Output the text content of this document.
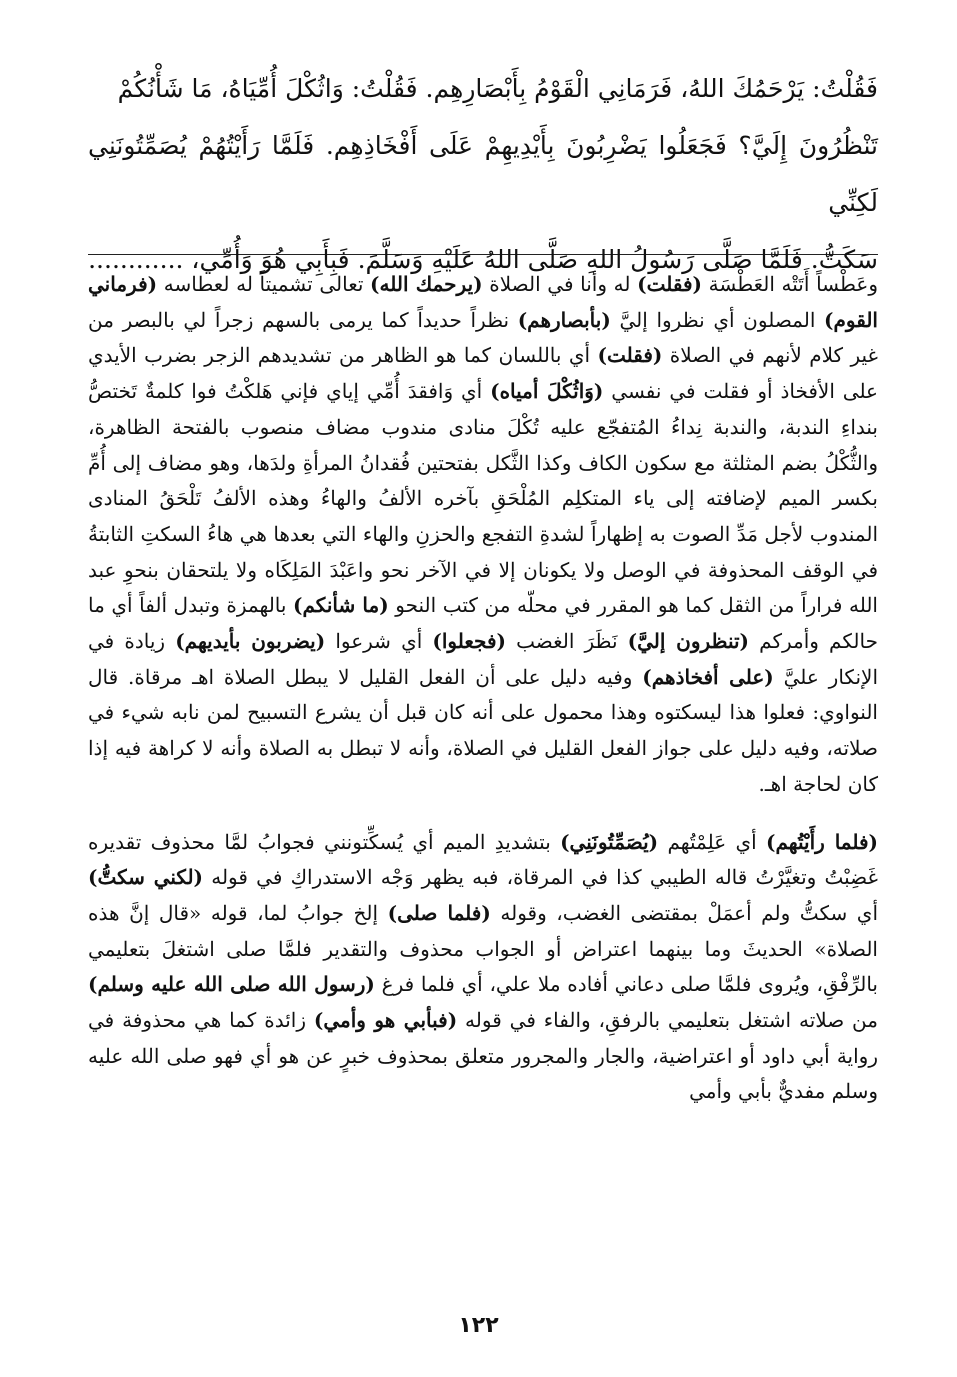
فَقُلْتُ: يَرْحَمُكَ اللهُ، فَرَمَانِي الْقَوْمُ بِأَبْصَارِهِم. فَقُلْتُ: وَاثُكْلَ أُمِّيَاهُ، مَا شَأْنُكُمْ
تَنْظُرُونَ إِلَيَّ؟ فَجَعَلُوا يَضْرِبُونَ بِأَيْدِيهِمْ عَلَى أَفْخَاذِهِم. فَلَمَّا رَأَيْتُهُمْ يُصَمِّتُونَنِي لَكِنِّي
سَكَتُّ. فَلَمَّا صَلَّى رَسُولُ اللهِ صَلَّى اللهُ عَلَيْهِ وَسَلَّمَ. فَبِأَبِي هُوَ وَأُمِّي، ............

وعَطْساً أَتَتْه العَطْسَة (فقلت) له وأنا في الصلاة (يرحمك الله) تعالى تشميتاً له لعطاسه (فرماني القوم) المصلون أي نظروا إليَّ (بأبصارهم) نظراً حديداً كما يرمى بالسهم زجراً لي بالبصر من غير كلام لأنهم في الصلاة (فقلت) أي باللسان كما هو الظاهر من تشديدهم الزجر بضرب الأيدي على الأفخاذ أو فقلت في نفسي (وَاثُكْلَ أمياه) أي وَافقدَ أُمِّي إياي فإني هَلكْتُ فوا كلمةٌ تَختصُّ بنداءِ الندبة، والندبة نِداءُ المُتفجّع عليه تُكْلَ منادى مندوب مضاف منصوب بالفتحة الظاهرة، والثُّكْلُ بضم المثلثة مع سكون الكاف وكذا الثَّكل بفتحتين فُقدانُ المرأةِ ولدَها، وهو مضاف إلى أُمِّ بكسر الميم لإضافته إلى ياء المتكلِم المُلْحَقِ بآخره الألفُ والهاءُ وهذه الألفُ تَلْحَقُ المنادى المندوب لأجل مَدِّ الصوت به إظهاراً لشدةِ التفجع والحزنِ والهاء التي بعدها هي هاءُ السكتِ الثابتةُ في الوقف المحذوفة في الوصل ولا يكونان إلا في الآخر نحو واعَبْدَ المَلِكَاه ولا يلتحقان بنحوِ عبد الله فراراً من الثقل كما هو المقرر في محلّه من كتب النحو (ما شأنكم) بالهمزة وتبدل ألفاً أي ما حالكم وأمركم (تنظرون إليَّ) نَظَرَ الغضب (فجعلوا) أي شرعوا (يضربون بأيديهم) زيادة في الإنكار عليَّ (على أفخاذهم) وفيه دليل على أن الفعل القليل لا يبطل الصلاة اهـ مرقاة. قال النواوي: فعلوا هذا ليسكتوه وهذا محمول على أنه كان قبل أن يشرع التسبيح لمن نابه شيء في صلاته، وفيه دليل على جواز الفعل القليل في الصلاة، وأنه لا تبطل به الصلاة وأنه لا كراهة فيه إذا كان لحاجة اهـ.

(فلما رأَيْتُهم) أي عَلِمْتُهم (يُصَمِّتُونَنِي) بتشديدِ الميم أي يُسكِّتونني فجوابُ لمَّا محذوف تقديره غَضِبْتُ وتغيَّرْتُ قاله الطيبي كذا في المرقاة، فبه يظهر وَجْه الاستدراكِ في قوله (لكني سكتُّ) أي سكتُّ ولم أعمَلْ بمقتضى الغضب، وقوله (فلما صلى) إلخ جوابُ لما، قوله «قال إنَّ هذه الصلاة» الحديثَ وما بينهما اعتراض أو الجواب محذوف والتقدير فلمَّا صلى اشتغلَ بتعليمي بالرِّفْقِ، ويُروى فلمَّا صلى دعاني أفاده ملا علي، أي فلما فرغ (رسول الله صلى الله عليه وسلم) من صلاته اشتغل بتعليمي بالرفقِ، والفاء في قوله (فبأبي هو وأمي) زائدة كما هي محذوفة في رواية أبي داود أو اعتراضية، والجار والمجرور متعلق بمحذوف خبرٍ عن هو أي فهو صلى الله عليه وسلم مفديٌّ بأبي وأمي

١٢٢
